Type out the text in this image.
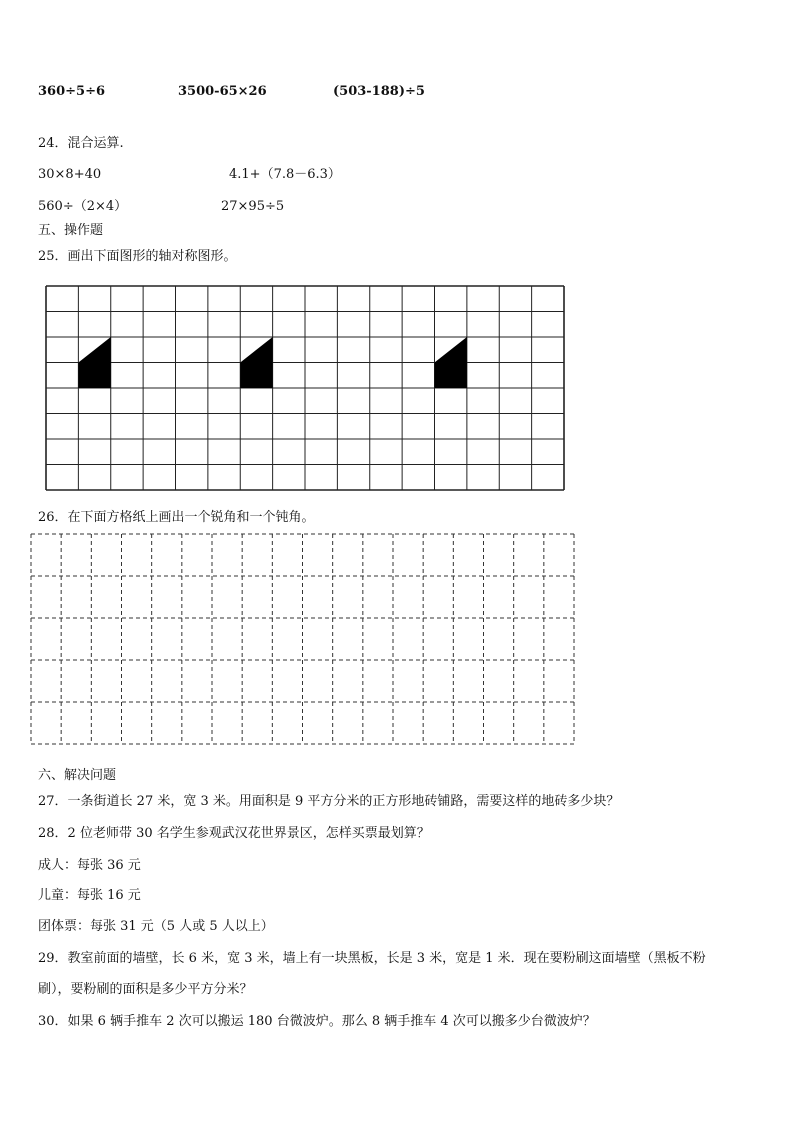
360÷5÷6	3500-65×26	(503-188)÷5
24．混合运算.
30×8+40	4.1+（7.8－6.3）
560÷（2×4）	27×95÷5
五、操作题
25．画出下面图形的轴对称图形。
26．在下面方格纸上画出一个锐角和一个钝角。
六、解决问题
27．一条街道长 27 米，宽 3 米。用面积是 9 平方分米的正方形地砖铺路，需要这样的地砖多少块？
28．2 位老师带 30 名学生参观武汉花世界景区，怎样买票最划算？
成人：每张 36 元
儿童：每张 16 元
团体票：每张 31 元（5 人或 5 人以上）
29．教室前面的墙壁，长 6 米，宽 3 米，墙上有一块黑板，长是 3 米，宽是 1 米．现在要粉刷这面墙壁（黑板不粉
刷），要粉刷的面积是多少平方分米？
30．如果 6 辆手推车 2 次可以搬运 180 台微波炉。那么 8 辆手推车 4 次可以搬多少台微波炉？
